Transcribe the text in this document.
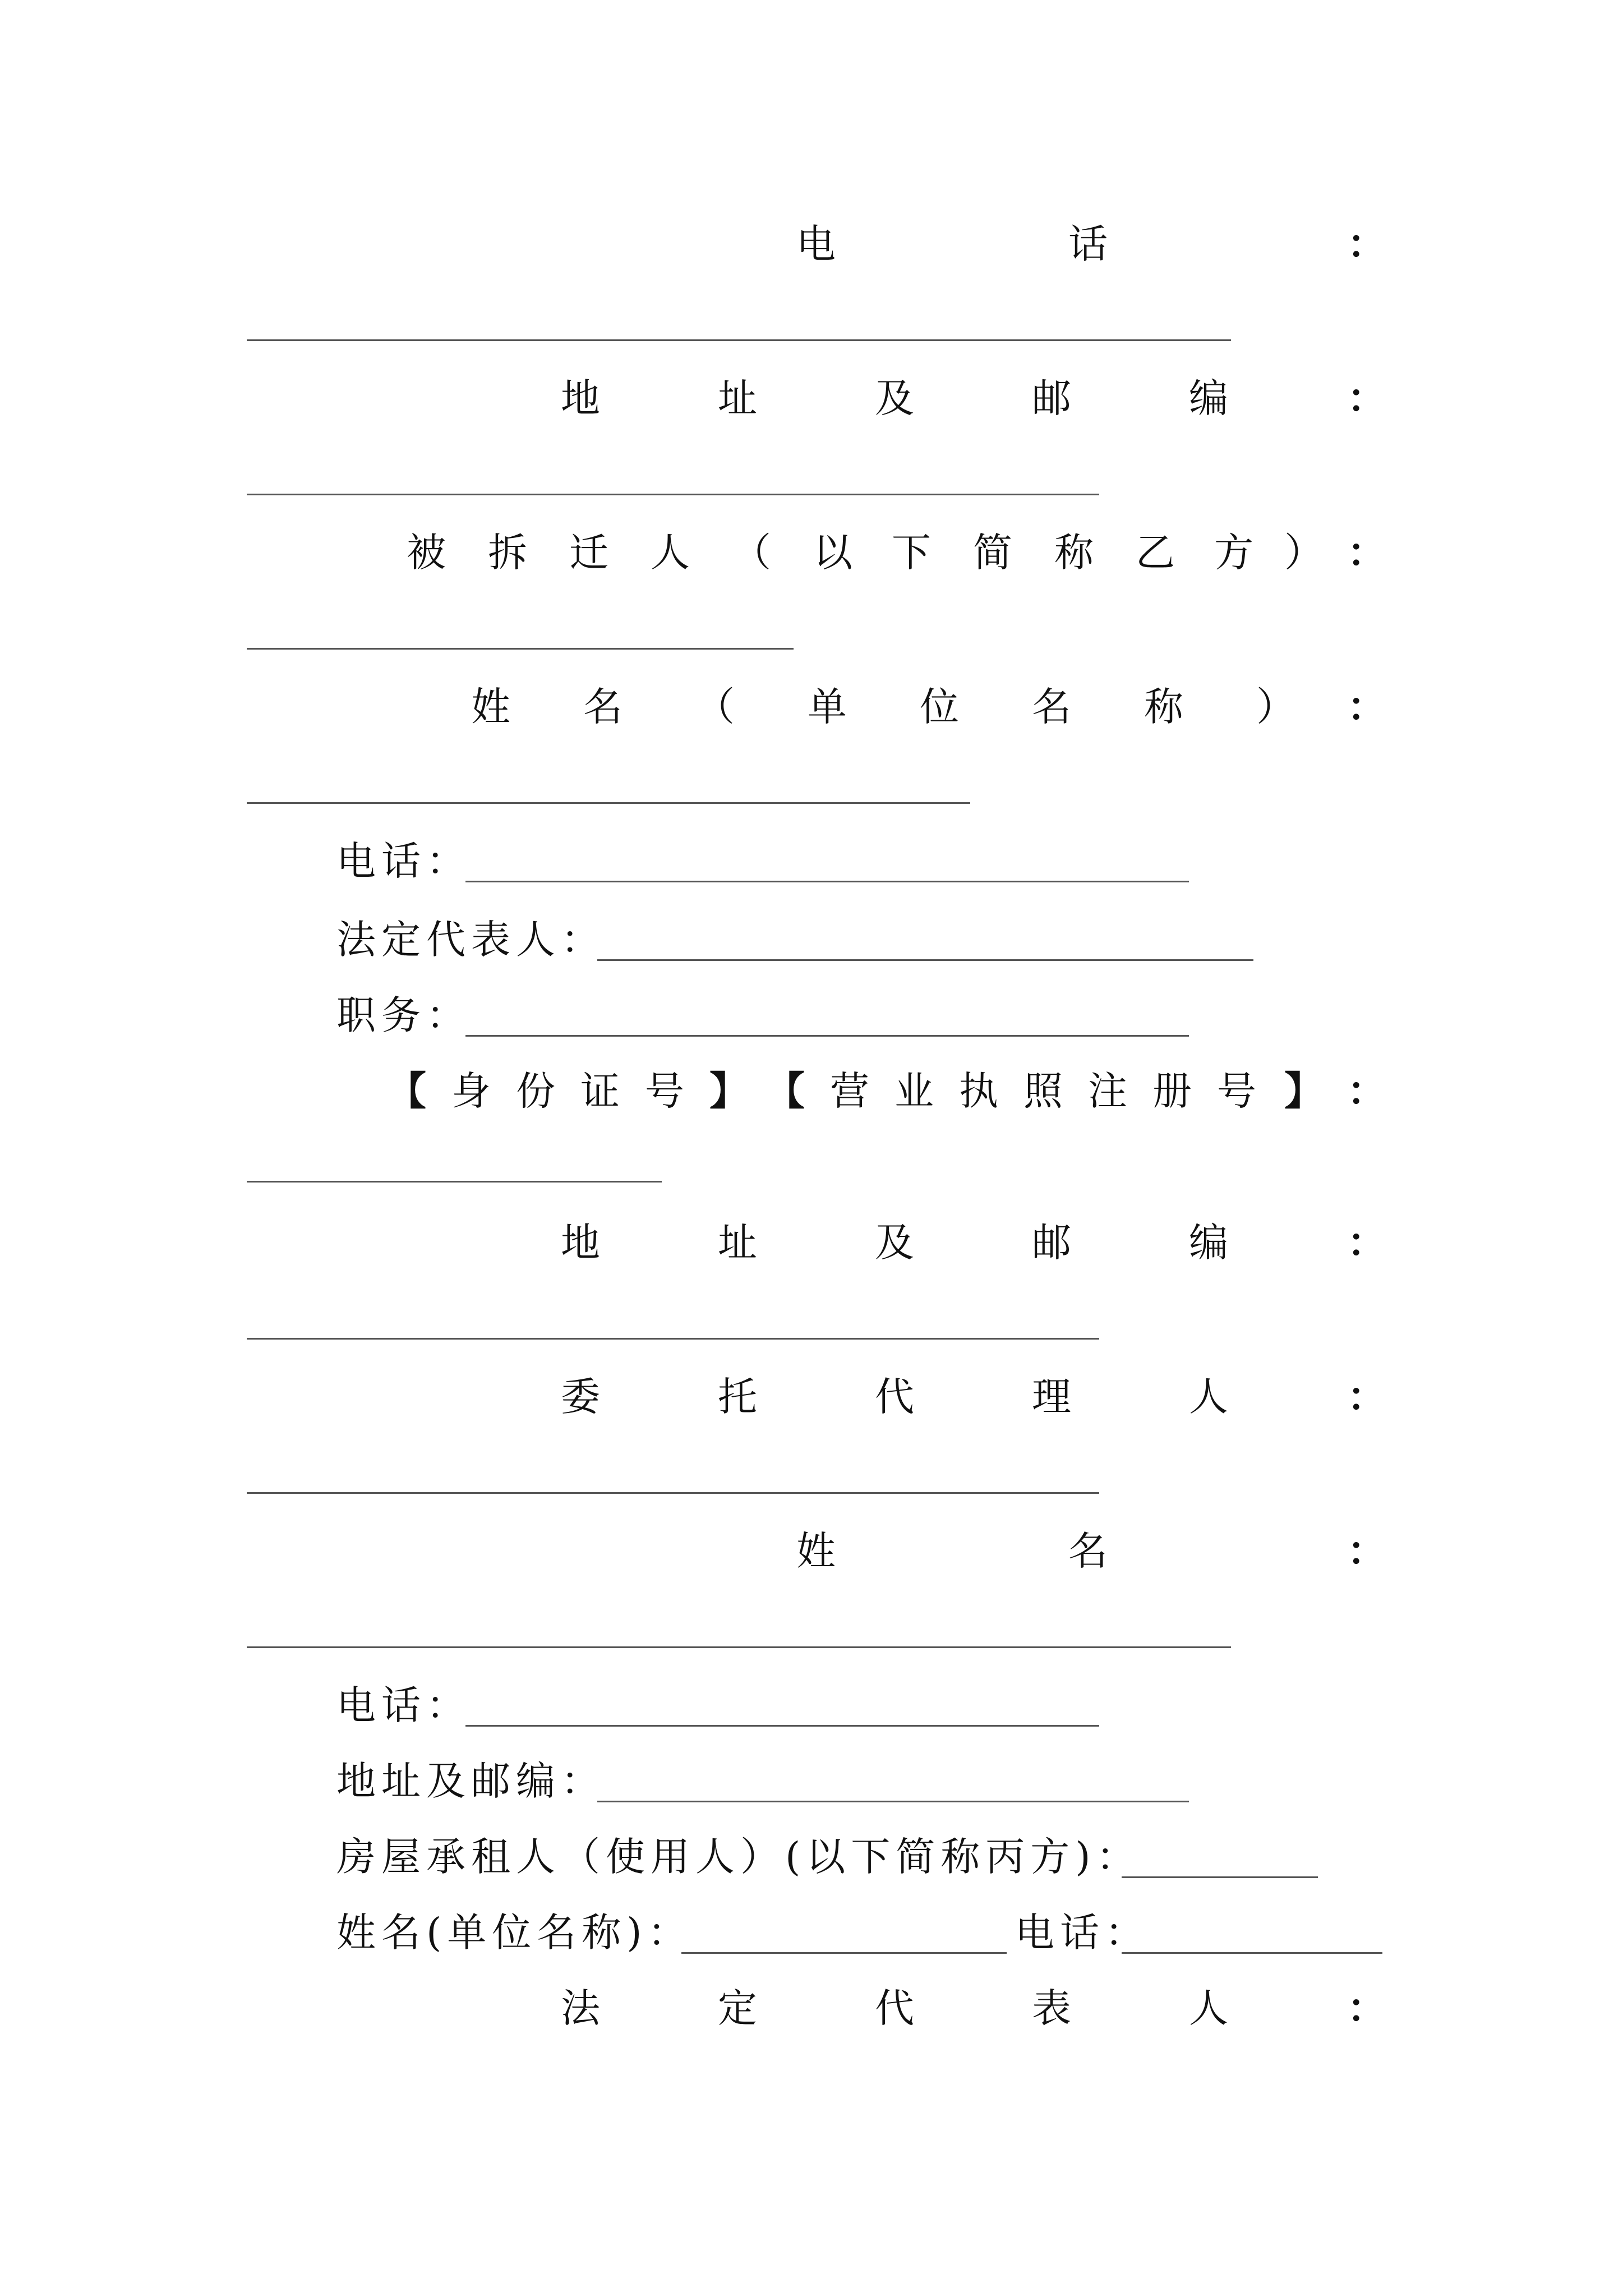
电	话	：
地	址	及	邮	编	：
被 拆 迁 人 （ 以 下 简 称 乙 方 ） ：
姓 名 （ 单 位 名 称 ） ：
电话：
法定代表人：
职务：
【 身 份 证 号 】 【 营 业 执 照 注 册 号 】 ：
地	址	及	邮	编	：
委	托	代	理	人	：
姓	名	：
电话：
地址及邮编：
房屋承租人（使用人）(以下简称丙方)：
姓名(单位名称)：	电话：
法	定	代	表	人	：
